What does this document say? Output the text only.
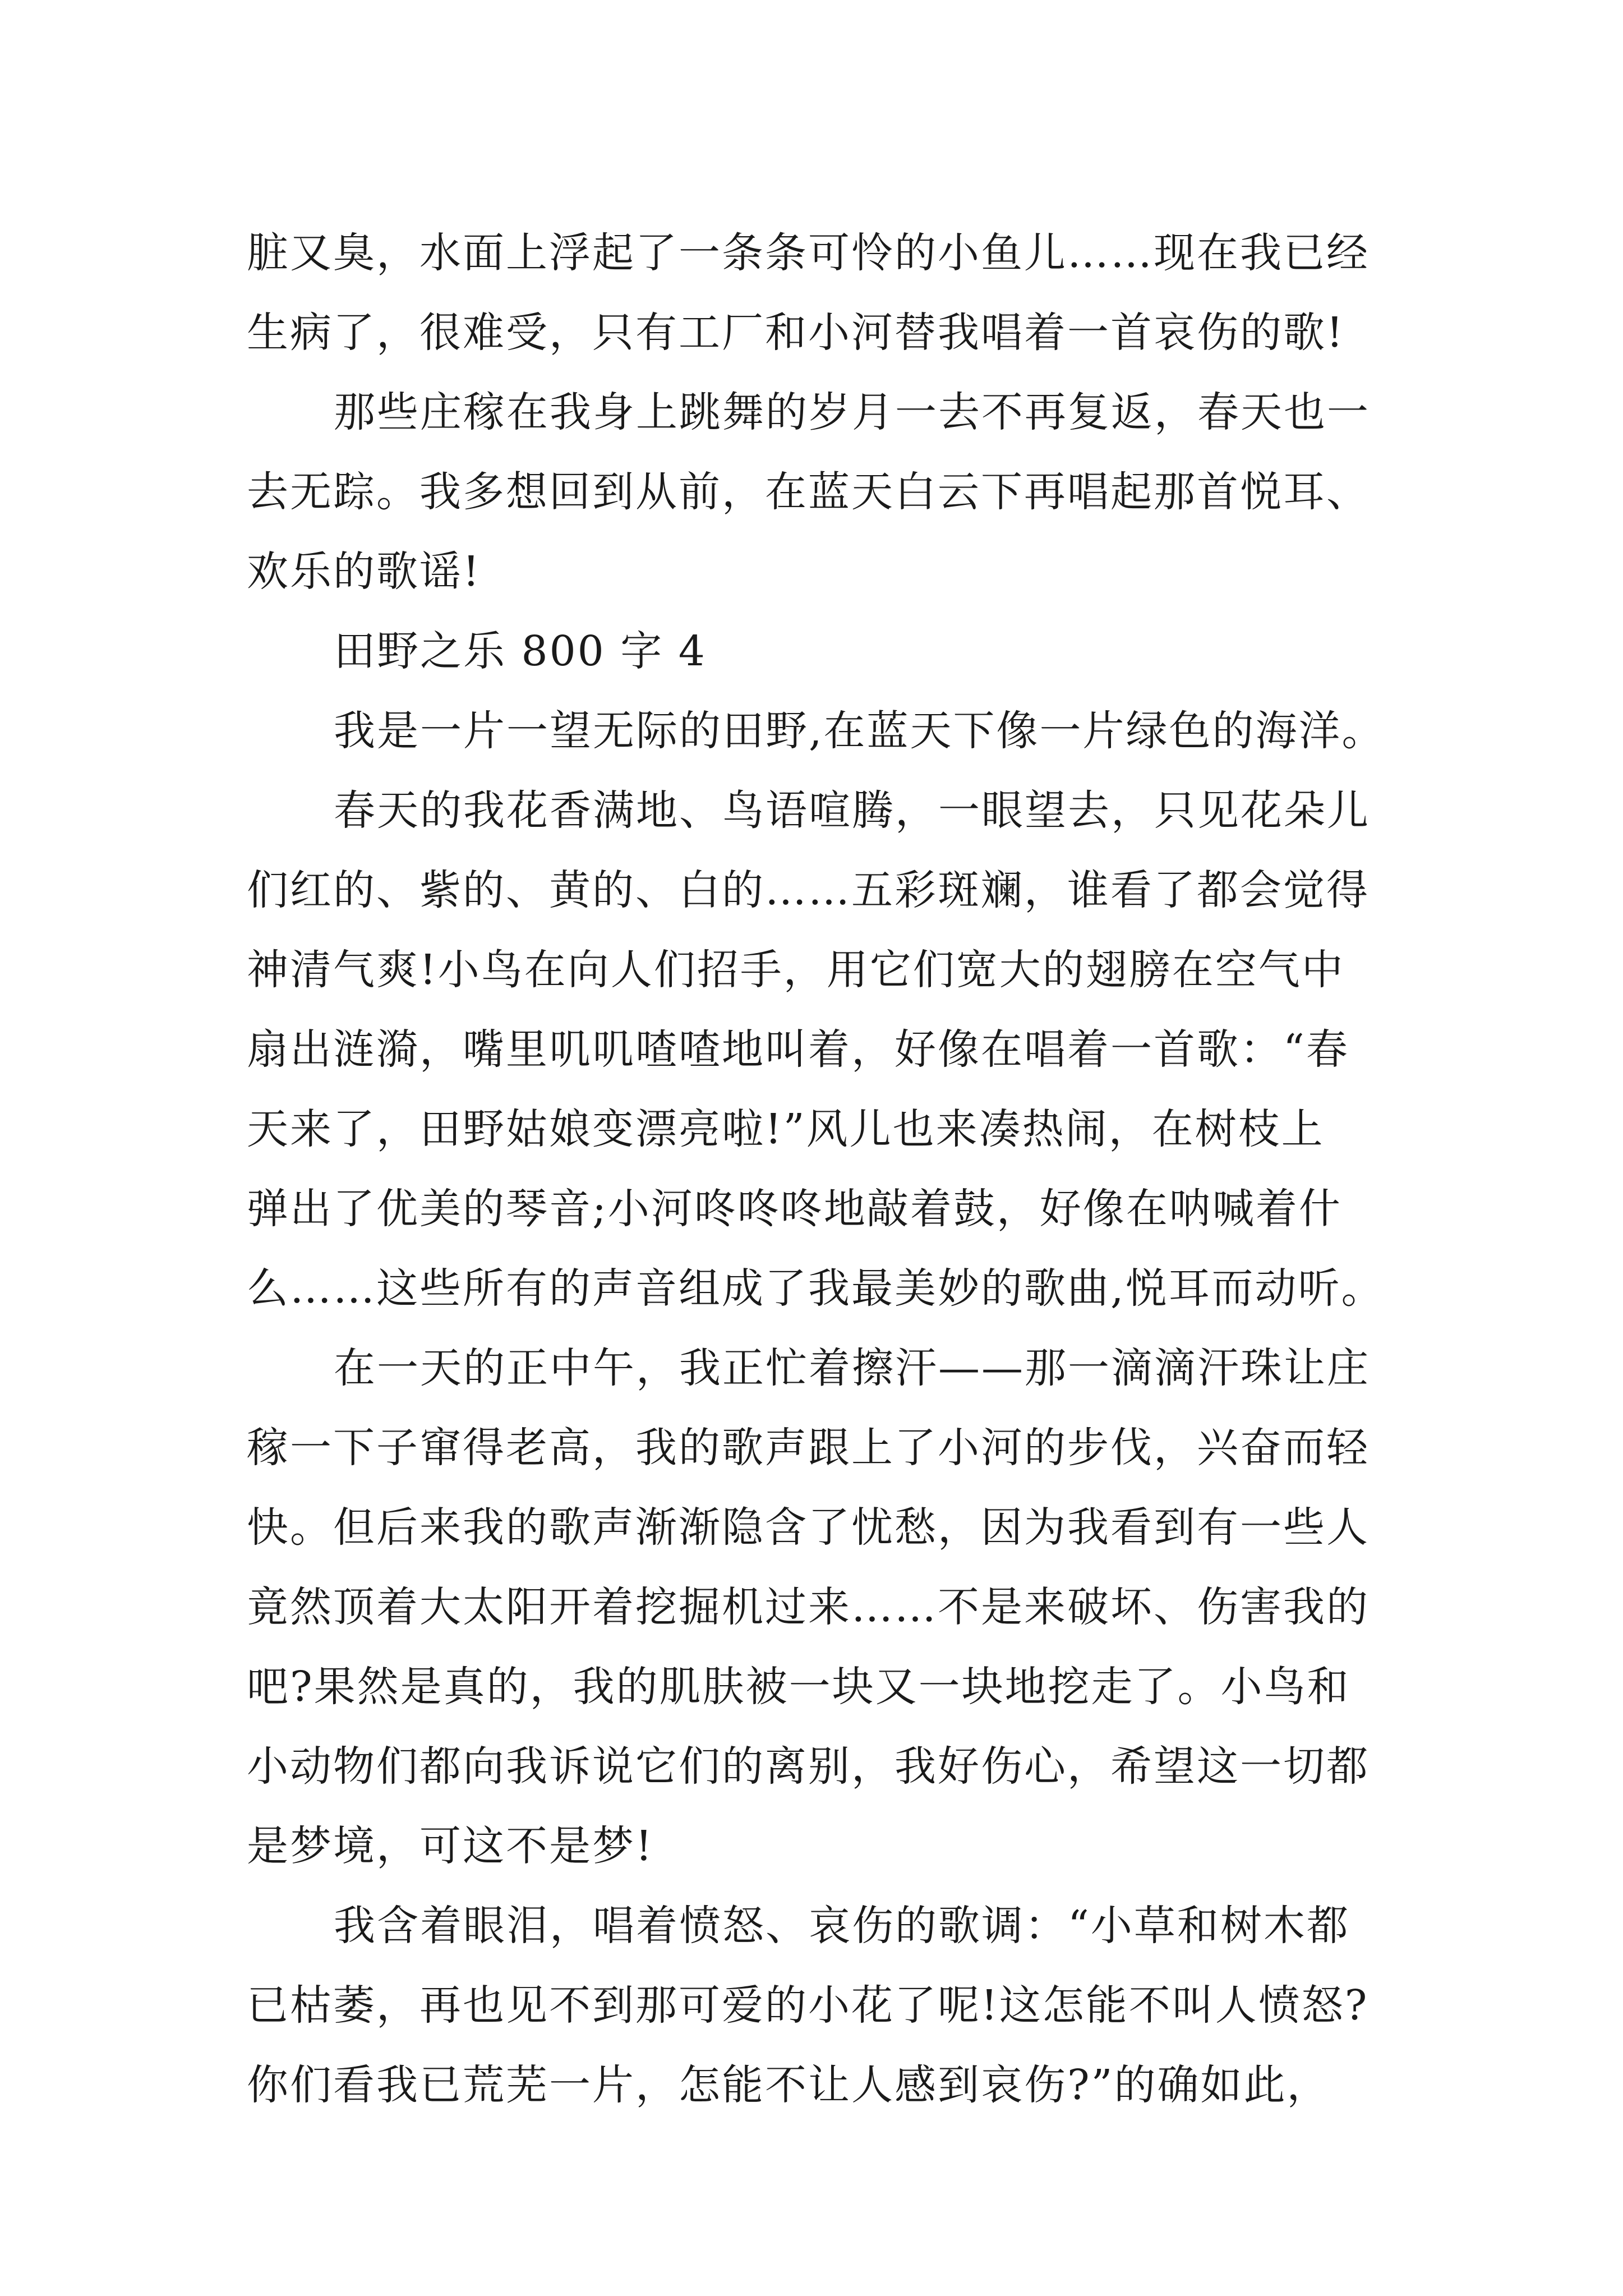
脏又臭，水面上浮起了一条条可怜的小鱼儿……现在我已经
生病了，很难受，只有工厂和小河替我唱着一首哀伤的歌!
那些庄稼在我身上跳舞的岁月一去不再复返，春天也一
去无踪。我多想回到从前，在蓝天白云下再唱起那首悦耳、
欢乐的歌谣!
田野之乐 800 字 4
我是一片一望无际的田野,在蓝天下像一片绿色的海洋。
春天的我花香满地、鸟语喧腾，一眼望去，只见花朵儿
们红的、紫的、黄的、白的……五彩斑斓，谁看了都会觉得
神清气爽!小鸟在向人们招手，用它们宽大的翅膀在空气中
扇出涟漪，嘴里叽叽喳喳地叫着，好像在唱着一首歌：“春
天来了，田野姑娘变漂亮啦!”风儿也来凑热闹，在树枝上
弹出了优美的琴音;小河咚咚咚地敲着鼓，好像在呐喊着什
么……这些所有的声音组成了我最美妙的歌曲,悦耳而动听。
在一天的正中午，我正忙着擦汗——那一滴滴汗珠让庄
稼一下子窜得老高，我的歌声跟上了小河的步伐，兴奋而轻
快。但后来我的歌声渐渐隐含了忧愁，因为我看到有一些人
竟然顶着大太阳开着挖掘机过来……不是来破坏、伤害我的
吧?果然是真的，我的肌肤被一块又一块地挖走了。小鸟和
小动物们都向我诉说它们的离别，我好伤心，希望这一切都
是梦境，可这不是梦!
我含着眼泪，唱着愤怒、哀伤的歌调：“小草和树木都
已枯萎，再也见不到那可爱的小花了呢!这怎能不叫人愤怒?
你们看我已荒芜一片，怎能不让人感到哀伤?”的确如此，
